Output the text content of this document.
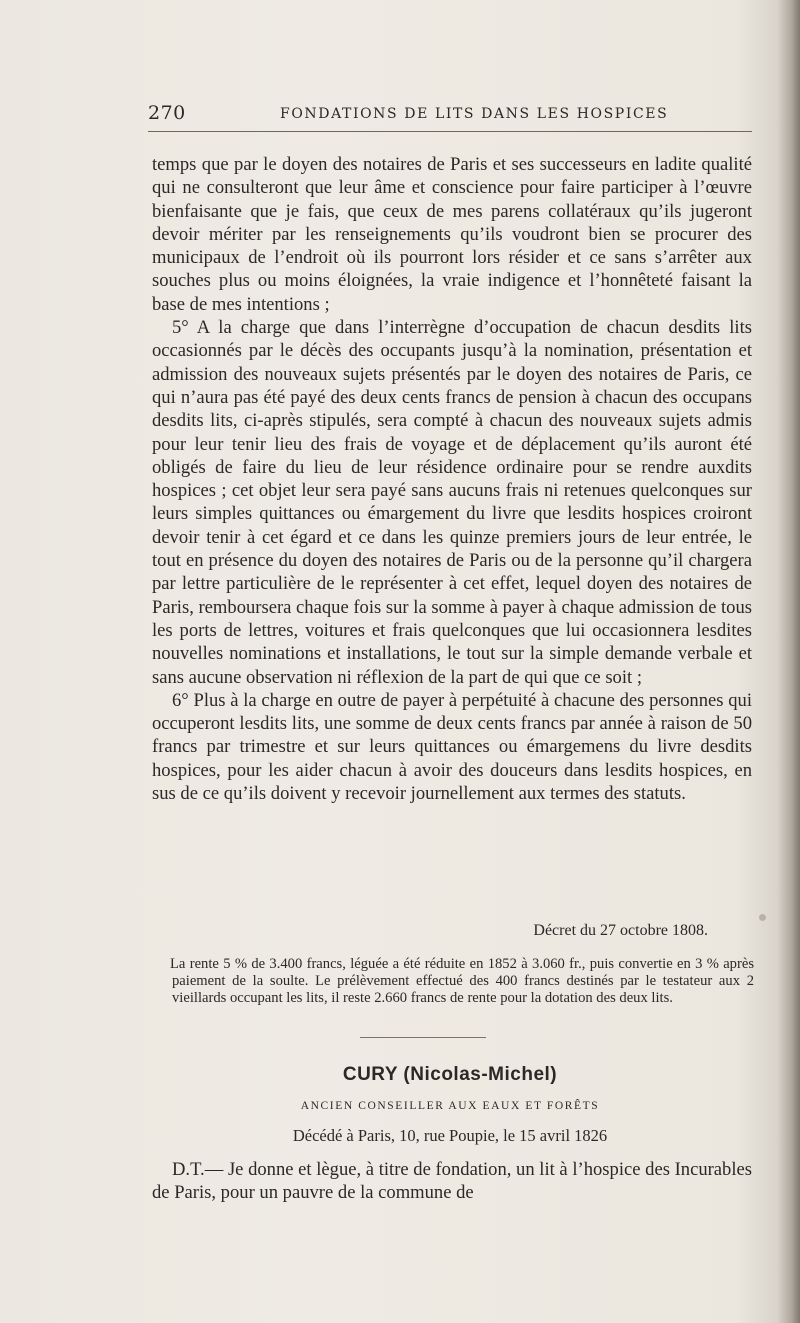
270	FONDATIONS DE LITS DANS LES HOSPICES

temps que par le doyen des notaires de Paris et ses successeurs en ladite qualité qui ne consulteront que leur âme et conscience pour faire participer à l’œuvre bienfaisante que je fais, que ceux de mes parens collatéraux qu’ils jugeront devoir mériter par les renseignements qu’ils voudront bien se procurer des municipaux de l’endroit où ils pourront lors résider et ce sans s’arrêter aux souches plus ou moins éloignées, la vraie indigence et l’honnêteté faisant la base de mes intentions ;

5° A la charge que dans l’interrègne d’occupation de chacun desdits lits occasionnés par le décès des occupants jusqu’à la nomination, présentation et admission des nouveaux sujets présentés par le doyen des notaires de Paris, ce qui n’aura pas été payé des deux cents francs de pension à chacun des occupans desdits lits, ci-après stipulés, sera compté à chacun des nouveaux sujets admis pour leur tenir lieu des frais de voyage et de déplacement qu’ils auront été obligés de faire du lieu de leur résidence ordinaire pour se rendre auxdits hospices ; cet objet leur sera payé sans aucuns frais ni retenues quelconques sur leurs simples quittances ou émargement du livre que lesdits hospices croiront devoir tenir à cet égard et ce dans les quinze premiers jours de leur entrée, le tout en présence du doyen des notaires de Paris ou de la personne qu’il chargera par lettre particulière de le représenter à cet effet, lequel doyen des notaires de Paris, remboursera chaque fois sur la somme à payer à chaque admission de tous les ports de lettres, voitures et frais quelconques que lui occasionnera lesdites nouvelles nominations et installations, le tout sur la simple demande verbale et sans aucune observation ni réflexion de la part de qui que ce soit ;

6° Plus à la charge en outre de payer à perpétuité à chacune des personnes qui occuperont lesdits lits, une somme de deux cents francs par année à raison de 50 francs par trimestre et sur leurs quittances ou émargemens du livre desdits hospices, pour les aider chacun à avoir des douceurs dans lesdits hospices, en sus de ce qu’ils doivent y recevoir journellement aux termes des statuts.

Décret du 27 octobre 1808.
La rente 5 % de 3.400 francs, léguée a été réduite en 1852 à 3.060 fr., puis convertie en 3 % après paiement de la soulte. Le prélèvement effectué des 400 francs destinés par le testateur aux 2 vieillards occupant les lits, il reste 2.660 francs de rente pour la dotation des deux lits.
CURY (Nicolas-Michel)
ANCIEN CONSEILLER AUX EAUX ET FORÊTS
Décédé à Paris, 10, rue Poupie, le 15 avril 1826

D.T.— Je donne et lègue, à titre de fondation, un lit à l’hospice des Incurables de Paris, pour un pauvre de la commune de
